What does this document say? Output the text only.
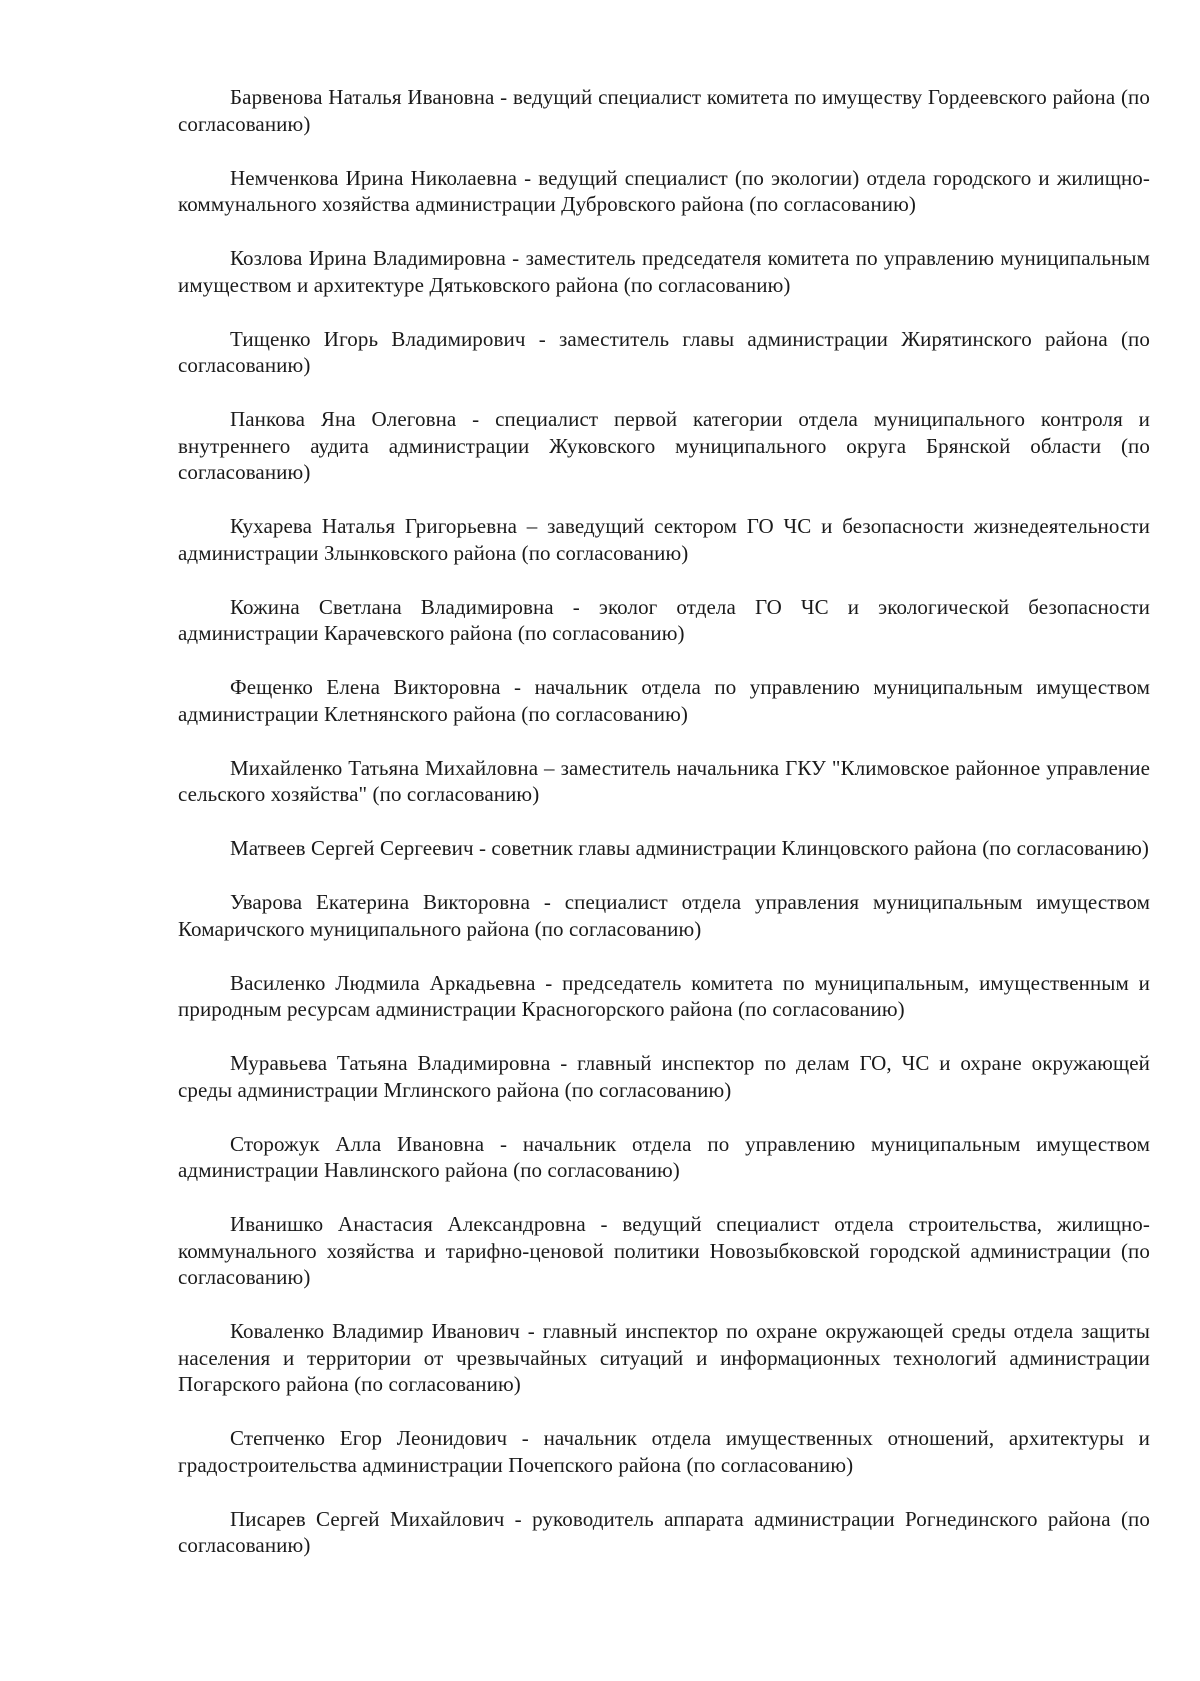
Барвенова Наталья Ивановна - ведущий специалист комитета по имуществу Гордеевского района (по согласованию)

Немченкова Ирина Николаевна - ведущий специалист (по экологии) отдела городского и жилищно-коммунального хозяйства администрации Дубровского района (по согласованию)

Козлова Ирина Владимировна - заместитель председателя комитета по управлению муниципальным имуществом и архитектуре Дятьковского района (по согласованию)

Тищенко Игорь Владимирович - заместитель главы администрации Жирятинского района (по согласованию)

Панкова Яна Олеговна - специалист первой категории отдела муниципального контроля и внутреннего аудита администрации Жуковского муниципального округа Брянской области (по согласованию)

Кухарева Наталья Григорьевна – заведущий сектором ГО ЧС и безопасности жизнедеятельности администрации Злынковского района (по согласованию)

Кожина Светлана Владимировна - эколог отдела ГО ЧС и экологической безопасности администрации Карачевского района (по согласованию)

Фещенко Елена Викторовна - начальник отдела по управлению муниципальным имуществом администрации Клетнянского района (по согласованию)

Михайленко Татьяна Михайловна – заместитель начальника ГКУ "Климовское районное управление сельского хозяйства" (по согласованию)

Матвеев Сергей Сергеевич - советник главы администрации Клинцовского района (по согласованию)

Уварова Екатерина Викторовна - специалист отдела управления муниципальным имуществом Комаричского муниципального района (по согласованию)

Василенко Людмила Аркадьевна - председатель комитета по муниципальным, имущественным и природным ресурсам администрации Красногорского района (по согласованию)

Муравьева Татьяна Владимировна - главный инспектор по делам ГО, ЧС и охране окружающей среды администрации Мглинского района (по согласованию)

Сторожук Алла Ивановна - начальник отдела по управлению муниципальным имуществом администрации Навлинского района (по согласованию)

Иванишко Анастасия Александровна - ведущий специалист отдела строительства, жилищно-коммунального хозяйства и тарифно-ценовой политики Новозыбковской городской администрации (по согласованию)

Коваленко Владимир Иванович - главный инспектор по охране окружающей среды отдела защиты населения и территории от чрезвычайных ситуаций и информационных технологий администрации Погарского района (по согласованию)

Степченко Егор Леонидович - начальник отдела имущественных отношений, архитектуры и градостроительства администрации Почепского района (по согласованию)

Писарев Сергей Михайлович - руководитель аппарата администрации Рогнединского района (по согласованию)
